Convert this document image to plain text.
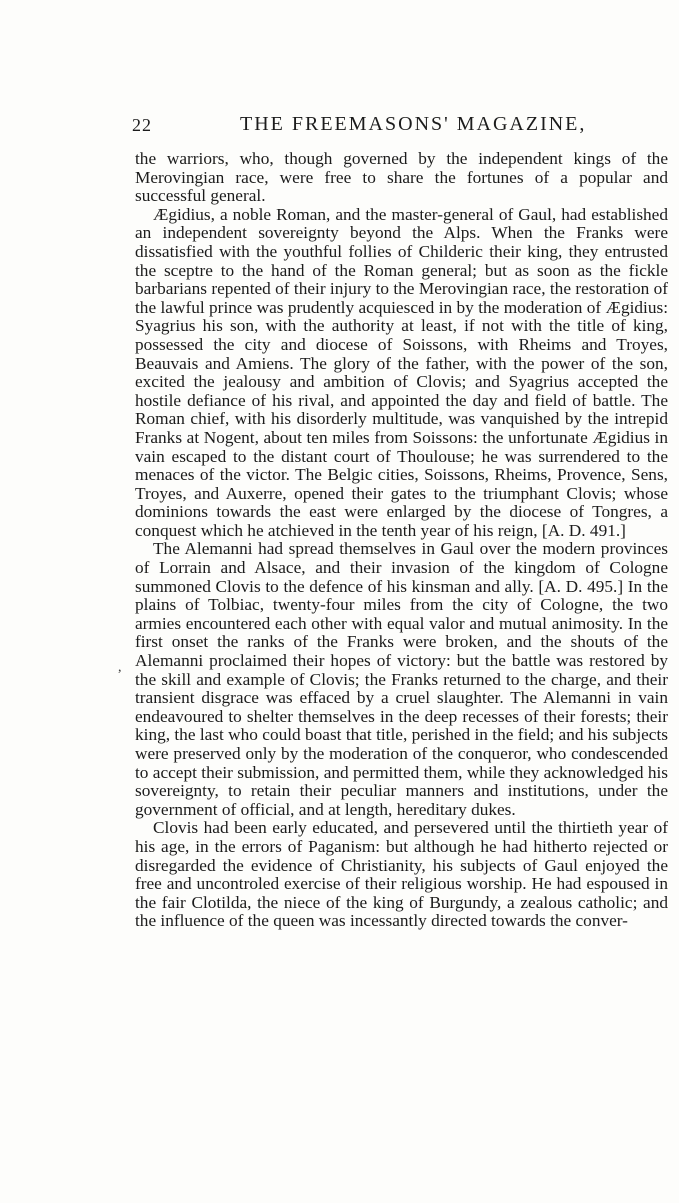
22	THE FREEMASONS' MAGAZINE,
,

the warriors, who, though governed by the independent kings of the Merovingian race, were free to share the fortunes of a popular and successful general.

Ægidius, a noble Roman, and the master-general of Gaul, had established an independent sovereignty beyond the Alps. When the Franks were dissatisfied with the youthful follies of Childeric their king, they entrusted the sceptre to the hand of the Roman general; but as soon as the fickle barbarians repented of their injury to the Merovingian race, the restoration of the lawful prince was prudently acquiesced in by the moderation of Ægidius: Syagrius his son, with the authority at least, if not with the title of king, possessed the city and diocese of Soissons, with Rheims and Troyes, Beauvais and Amiens. The glory of the father, with the power of the son, excited the jealousy and ambition of Clovis; and Syagrius accepted the hostile defiance of his rival, and appointed the day and field of battle. The Roman chief, with his disorderly multitude, was vanquished by the intrepid Franks at Nogent, about ten miles from Soissons: the unfortunate Ægidius in vain escaped to the distant court of Thoulouse; he was surrendered to the menaces of the victor. The Belgic cities, Soissons, Rheims, Provence, Sens, Troyes, and Auxerre, opened their gates to the triumphant Clovis; whose dominions towards the east were enlarged by the diocese of Tongres, a conquest which he atchieved in the tenth year of his reign, [A. D. 491.]

The Alemanni had spread themselves in Gaul over the modern provinces of Lorrain and Alsace, and their invasion of the kingdom of Cologne summoned Clovis to the defence of his kinsman and ally. [A. D. 495.] In the plains of Tolbiac, twenty-four miles from the city of Cologne, the two armies encountered each other with equal valor and mutual animosity. In the first onset the ranks of the Franks were broken, and the shouts of the Alemanni proclaimed their hopes of victory: but the battle was restored by the skill and example of Clovis; the Franks returned to the charge, and their transient disgrace was effaced by a cruel slaughter. The Alemanni in vain endeavoured to shelter themselves in the deep recesses of their forests; their king, the last who could boast that title, perished in the field; and his subjects were preserved only by the moderation of the conqueror, who condescended to accept their submission, and permitted them, while they acknowledged his sovereignty, to retain their peculiar manners and institutions, under the government of official, and at length, hereditary dukes.

Clovis had been early educated, and persevered until the thirtieth year of his age, in the errors of Paganism: but although he had hitherto rejected or disregarded the evidence of Christianity, his subjects of Gaul enjoyed the free and uncontroled exercise of their religious worship. He had espoused in the fair Clotilda, the niece of the king of Burgundy, a zealous catholic; and the influence of the queen was incessantly directed towards the conver-
